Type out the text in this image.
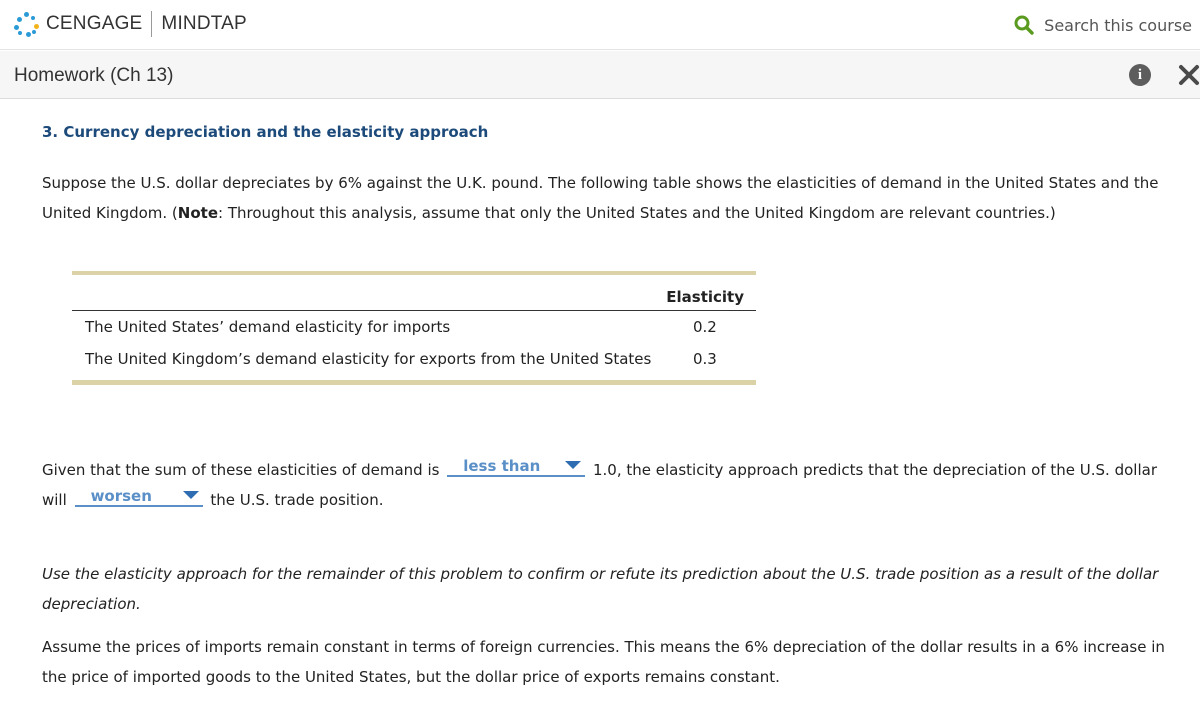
CENGAGE MINDTAP	Search this course
Homework (Ch 13)	i
3. Currency depreciation and the elasticity approach
Suppose the U.S. dollar depreciates by 6% against the U.K. pound. The following table shows the elasticities of demand in the United States and the
United Kingdom. (Note: Throughout this analysis, assume that only the United States and the United Kingdom are relevant countries.)
Elasticity
The United States’ demand elasticity for imports	0.2
The United Kingdom’s demand elasticity for exports from the United States	0.3
Given that the sum of these elasticities of demand is less than	1.0, the elasticity approach predicts that the depreciation of the U.S. dollar
will worsen	the U.S. trade position.
Use the elasticity approach for the remainder of this problem to confirm or refute its prediction about the U.S. trade position as a result of the dollar
depreciation.
Assume the prices of imports remain constant in terms of foreign currencies. This means the 6% depreciation of the dollar results in a 6% increase in
the price of imported goods to the United States, but the dollar price of exports remains constant.
